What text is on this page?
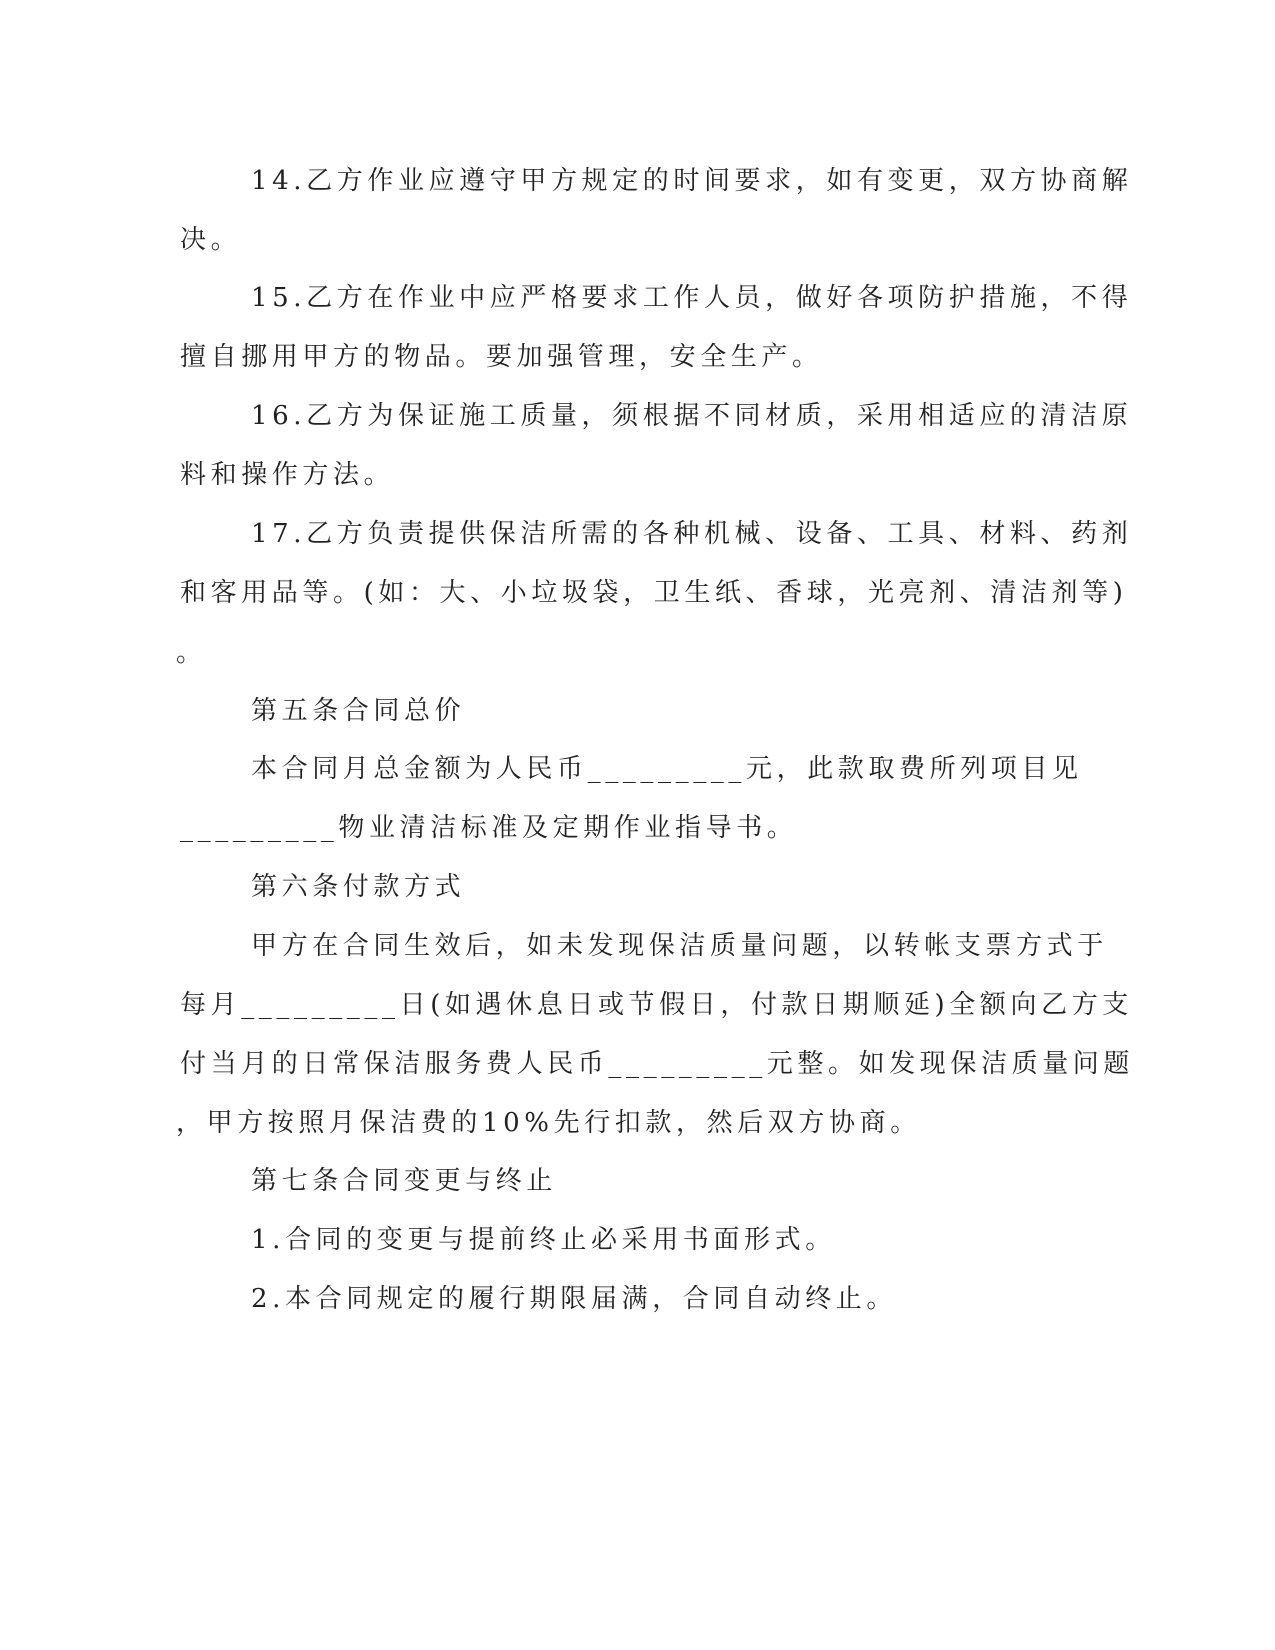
14.乙方作业应遵守甲方规定的时间要求，如有变更，双方协商解
决。
15.乙方在作业中应严格要求工作人员，做好各项防护措施，不得
擅自挪用甲方的物品。要加强管理，安全生产。
16.乙方为保证施工质量，须根据不同材质，采用相适应的清洁原
料和操作方法。
17.乙方负责提供保洁所需的各种机械、设备、工具、材料、药剂
和客用品等。(如：大、小垃圾袋，卫生纸、香球，光亮剂、清洁剂等)
。
第五条合同总价
本合同月总金额为人民币_________元，此款取费所列项目见
_________物业清洁标准及定期作业指导书。
第六条付款方式
甲方在合同生效后，如未发现保洁质量问题，以转帐支票方式于
每月_________日(如遇休息日或节假日，付款日期顺延)全额向乙方支
付当月的日常保洁服务费人民币_________元整。如发现保洁质量问题
，甲方按照月保洁费的10%先行扣款，然后双方协商。
第七条合同变更与终止
1.合同的变更与提前终止必采用书面形式。
2.本合同规定的履行期限届满，合同自动终止。
